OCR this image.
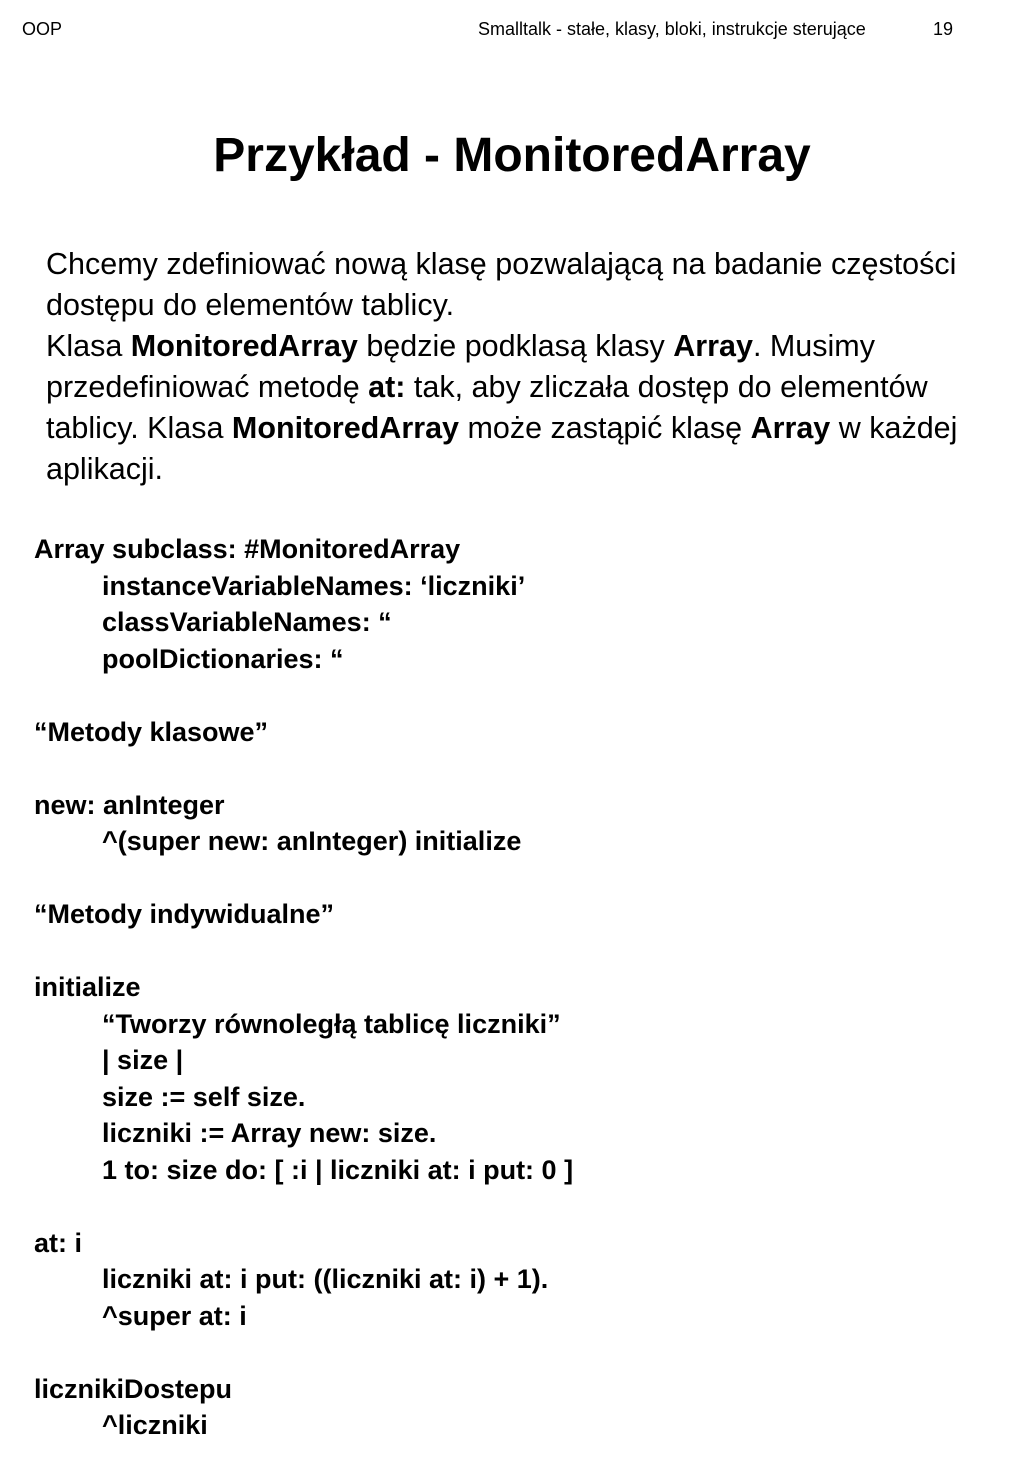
OOP	Smalltalk - stałe, klasy, bloki, instrukcje sterujące	19
Przykład - MonitoredArray

Chcemy zdefiniować nową klasę pozwalającą na badanie częstości dostępu do elementów tablicy.

Klasa MonitoredArray będzie podklasą klasy Array. Musimy przedefiniować metodę at: tak, aby zliczała dostęp do elementów tablicy. Klasa MonitoredArray może zastąpić klasę Array w każdej aplikacji.

Array subclass: #MonitoredArray
instanceVariableNames: ‘liczniki’
classVariableNames: “
poolDictionaries: “
“Metody klasowe”
new: anInteger
^(super new: anInteger) initialize
“Metody indywidualne”
initialize
“Tworzy równoległą tablicę liczniki”
| size |
size := self size.
liczniki := Array new: size.
1 to: size do: [ :i | liczniki at: i put: 0 ]
at: i
liczniki at: i put: ((liczniki at: i) + 1).
^super at: i
licznikiDostepu
^liczniki
